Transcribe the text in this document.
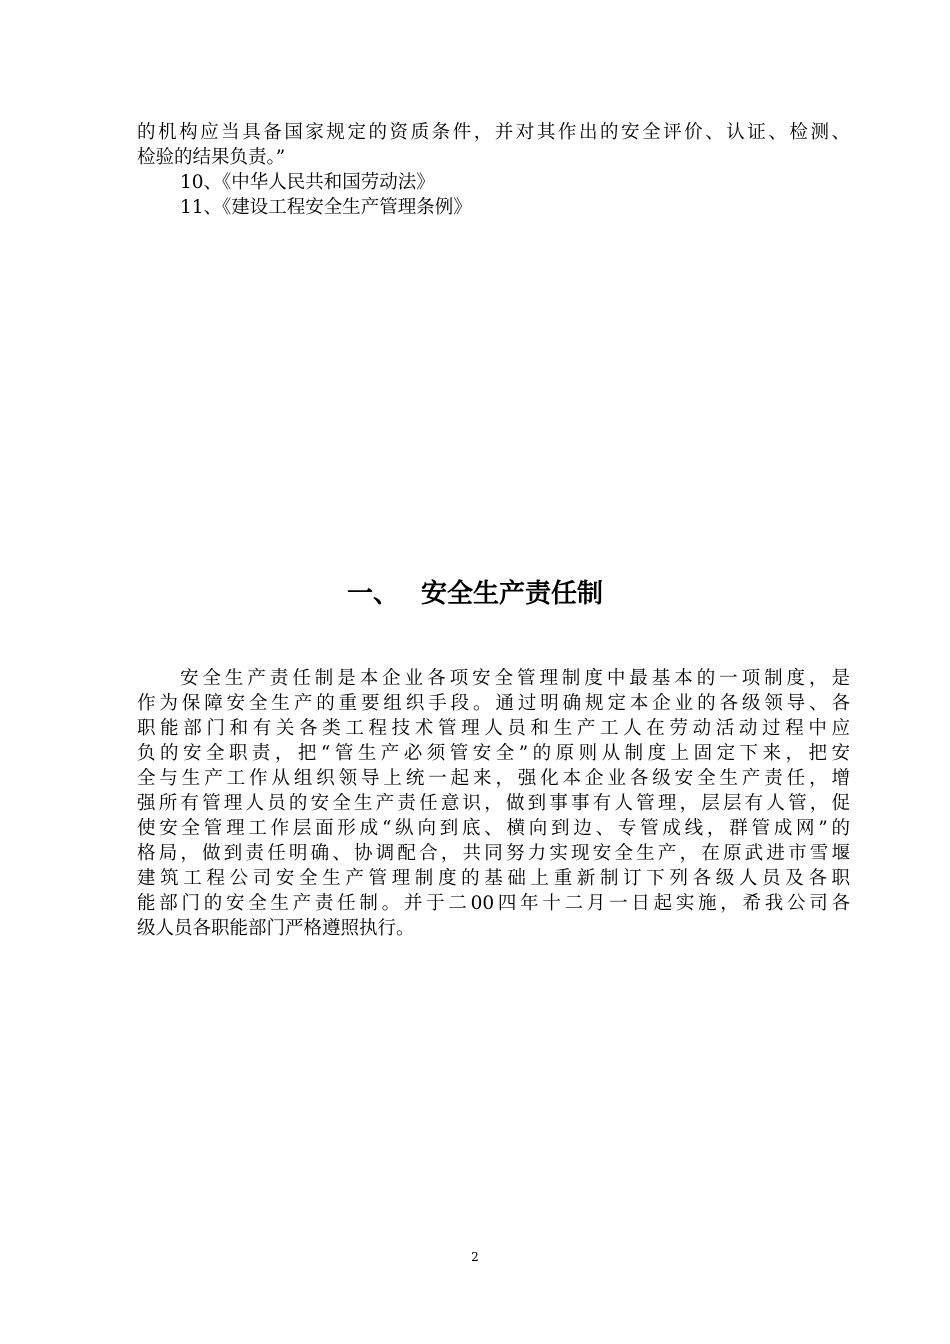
的机构应当具备国家规定的资质条件，并对其作出的安全评价、认证、检测、
检验的结果负责。”
10、《中华人民共和国劳动法》
11、《建设工程安全生产管理条例》
一、 安全生产责任制
安全生产责任制是本企业各项安全管理制度中最基本的一项制度，是
作为保障安全生产的重要组织手段。通过明确规定本企业的各级领导、各
职能部门和有关各类工程技术管理人员和生产工人在劳动活动过程中应
负的安全职责，把“管生产必须管安全”的原则从制度上固定下来，把安
全与生产工作从组织领导上统一起来，强化本企业各级安全生产责任，增
强所有管理人员的安全生产责任意识，做到事事有人管理，层层有人管，促
使安全管理工作层面形成“纵向到底、横向到边、专管成线，群管成网”的
格局，做到责任明确、协调配合，共同努力实现安全生产，在原武进市雪堰
建筑工程公司安全生产管理制度的基础上重新制订下列各级人员及各职
能部门的安全生产责任制。并于二00四年十二月一日起实施，希我公司各
级人员各职能部门严格遵照执行。
2
